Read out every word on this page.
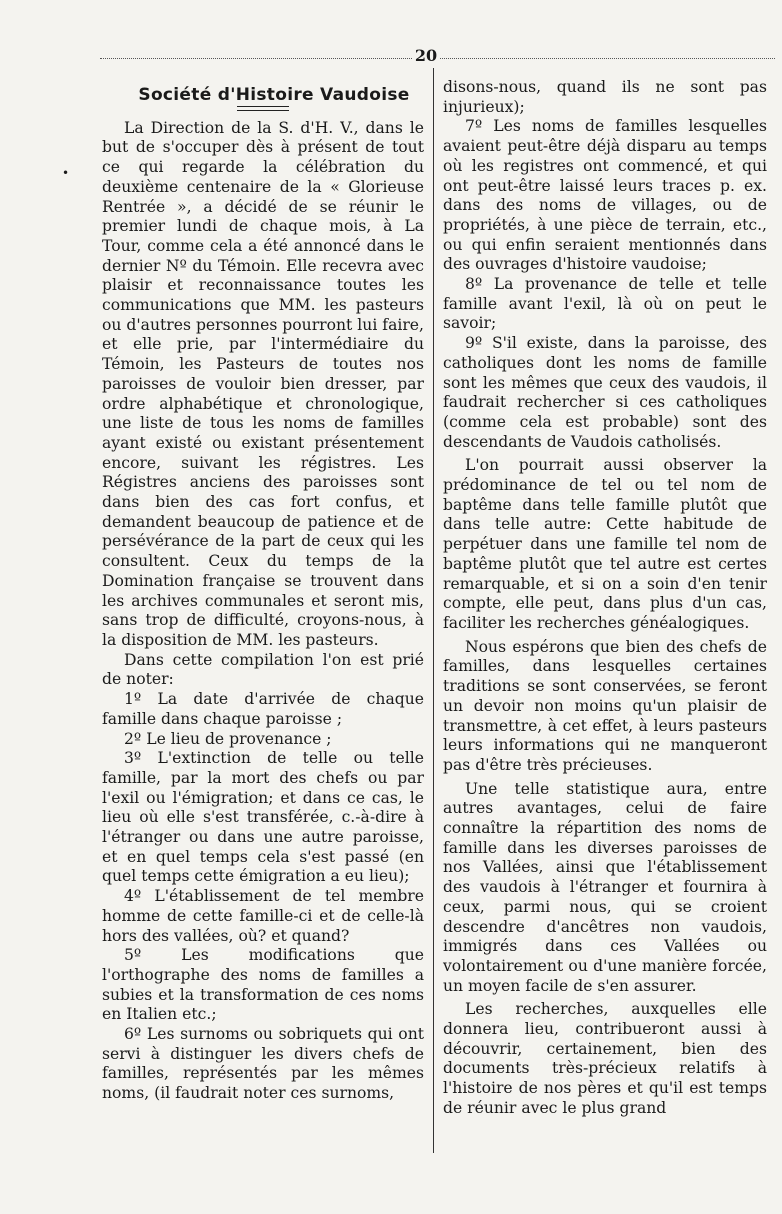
20
•

Société d'Histoire Vaudoise

La Direction de la S. d'H. V., dans le but de s'occuper dès à présent de tout ce qui regarde la célébration du deuxième centenaire de la « Glorieuse Rentrée », a décidé de se réunir le premier lundi de chaque mois, à La Tour, comme cela a été annoncé dans le dernier Nº du Témoin. Elle recevra avec plaisir et reconnaissance toutes les communications que MM. les pasteurs ou d'autres personnes pourront lui faire, et elle prie, par l'intermédiaire du Témoin, les Pasteurs de toutes nos paroisses de vouloir bien dresser, par ordre alphabétique et chronologique, une liste de tous les noms de familles ayant existé ou existant présentement encore, suivant les régistres. Les Régistres anciens des paroisses sont dans bien des cas fort confus, et demandent beaucoup de patience et de persévérance de la part de ceux qui les consultent. Ceux du temps de la Domination française se trouvent dans les archives communales et seront mis, sans trop de difficulté, croyons-nous, à la disposition de MM. les pasteurs.

Dans cette compilation l'on est prié de noter:

1º La date d'arrivée de chaque famille dans chaque paroisse ;

2º Le lieu de provenance ;

3º L'extinction de telle ou telle famille, par la mort des chefs ou par l'exil ou l'émigration; et dans ce cas, le lieu où elle s'est transférée, c.-à-dire à l'étranger ou dans une autre paroisse, et en quel temps cela s'est passé (en quel temps cette émigration a eu lieu);

4º L'établissement de tel membre homme de cette famille-ci et de celle-là hors des vallées, où? et quand?

5º Les modifications que l'orthographe des noms de familles a subies et la transformation de ces noms en Italien etc.;

6º Les surnoms ou sobriquets qui ont servi à distinguer les divers chefs de familles, représentés par les mêmes noms, (il faudrait noter ces surnoms,

disons-nous, quand ils ne sont pas injurieux);

7º Les noms de familles lesquelles avaient peut-être déjà disparu au temps où les registres ont commencé, et qui ont peut-être laissé leurs traces p. ex. dans des noms de villages, ou de propriétés, à une pièce de terrain, etc., ou qui enfin seraient mentionnés dans des ouvrages d'histoire vaudoise;

8º La provenance de telle et telle famille avant l'exil, là où on peut le savoir;

9º S'il existe, dans la paroisse, des catholiques dont les noms de famille sont les mêmes que ceux des vaudois, il faudrait rechercher si ces catholiques (comme cela est probable) sont des descendants de Vaudois catholisés.

L'on pourrait aussi observer la prédominance de tel ou tel nom de baptême dans telle famille plutôt que dans telle autre: Cette habitude de perpétuer dans une famille tel nom de baptême plutôt que tel autre est certes remarquable, et si on a soin d'en tenir compte, elle peut, dans plus d'un cas, faciliter les recherches généalogiques.

Nous espérons que bien des chefs de familles, dans lesquelles certaines traditions se sont conservées, se feront un devoir non moins qu'un plaisir de transmettre, à cet effet, à leurs pasteurs leurs informations qui ne manqueront pas d'être très précieuses.

Une telle statistique aura, entre autres avantages, celui de faire connaître la répartition des noms de famille dans les diverses paroisses de nos Vallées, ainsi que l'établissement des vaudois à l'étranger et fournira à ceux, parmi nous, qui se croient descendre d'ancêtres non vaudois, immigrés dans ces Vallées ou volontairement ou d'une manière forcée, un moyen facile de s'en assurer.

Les recherches, auxquelles elle donnera lieu, contribueront aussi à découvrir, certainement, bien des documents très-précieux relatifs à l'histoire de nos pères et qu'il est temps de réunir avec le plus grand
